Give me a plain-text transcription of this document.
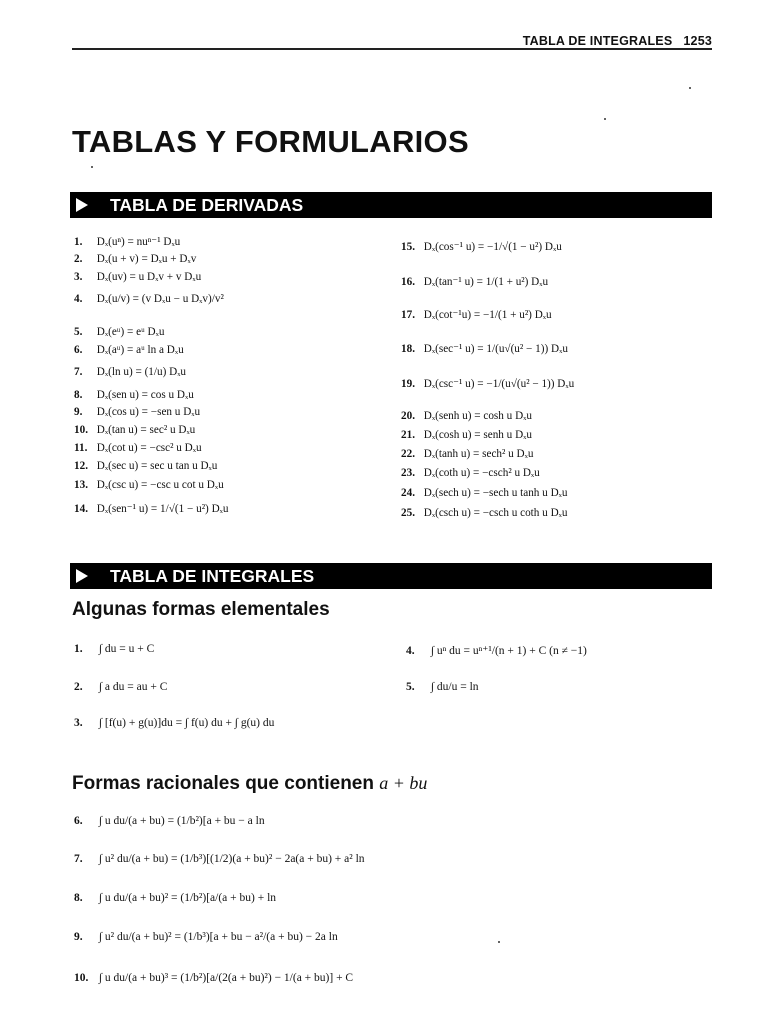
TABLA DE INTEGRALES 1253
TABLAS Y FORMULARIOS
TABLA DE DERIVADAS
1. Dₓ(uⁿ) = nuⁿ⁻¹ Dₓu
2. Dₓ(u + v) = Dₓu + Dₓv
3. Dₓ(uv) = u Dₓv + v Dₓu
4. Dₓ(u/v) = (v Dₓu − u Dₓv)/v²
5. Dₓ(eᵘ) = eᵘ Dₓu
6. Dₓ(aᵘ) = aᵘ ln a Dₓu
7. Dₓ(ln u) = (1/u) Dₓu
8. Dₓ(sen u) = cos u Dₓu
9. Dₓ(cos u) = −sen u Dₓu
10. Dₓ(tan u) = sec² u Dₓu
11. Dₓ(cot u) = −csc² u Dₓu
12. Dₓ(sec u) = sec u tan u Dₓu
13. Dₓ(csc u) = −csc u cot u Dₓu
14. Dₓ(sen⁻¹ u) = 1/√(1 − u²) Dₓu
15. Dₓ(cos⁻¹ u) = −1/√(1 − u²) Dₓu
16. Dₓ(tan⁻¹ u) = 1/(1 + u²) Dₓu
17. Dₓ(cot⁻¹u) = −1/(1 + u²) Dₓu
18. Dₓ(sec⁻¹ u) = 1/(u√(u² − 1)) Dₓu
19. Dₓ(csc⁻¹ u) = −1/(u√(u² − 1)) Dₓu
20. Dₓ(senh u) = cosh u Dₓu
21. Dₓ(cosh u) = senh u Dₓu
22. Dₓ(tanh u) = sech² u Dₓu
23. Dₓ(coth u) = −csch² u Dₓu
24. Dₓ(sech u) = −sech u tanh u Dₓu
25. Dₓ(csch u) = −csch u coth u Dₓu
TABLA DE INTEGRALES
Algunas formas elementales
1. ∫ du = u + C
2. ∫ a du = au + C
3. ∫ [f(u) + g(u)]du = ∫ f(u) du + ∫ g(u) du
4. ∫ uⁿ du = uⁿ⁺¹/(n + 1) + C (n ≠ −1)
5. ∫ du/u = ln
Formas racionales que contienen a + bu
6. ∫ u du/(a + bu) = (1/b²)[a + bu − a ln
7. ∫ u² du/(a + bu) = (1/b³)[(1/2)(a + bu)² − 2a(a + bu) + a² ln
8. ∫ u du/(a + bu)² = (1/b²)[a/(a + bu) + ln
9. ∫ u² du/(a + bu)² = (1/b³)[a + bu − a²/(a + bu) − 2a ln
10. ∫ u du/(a + bu)³ = (1/b²)[a/(2(a + bu)²) − 1/(a + bu)] + C
